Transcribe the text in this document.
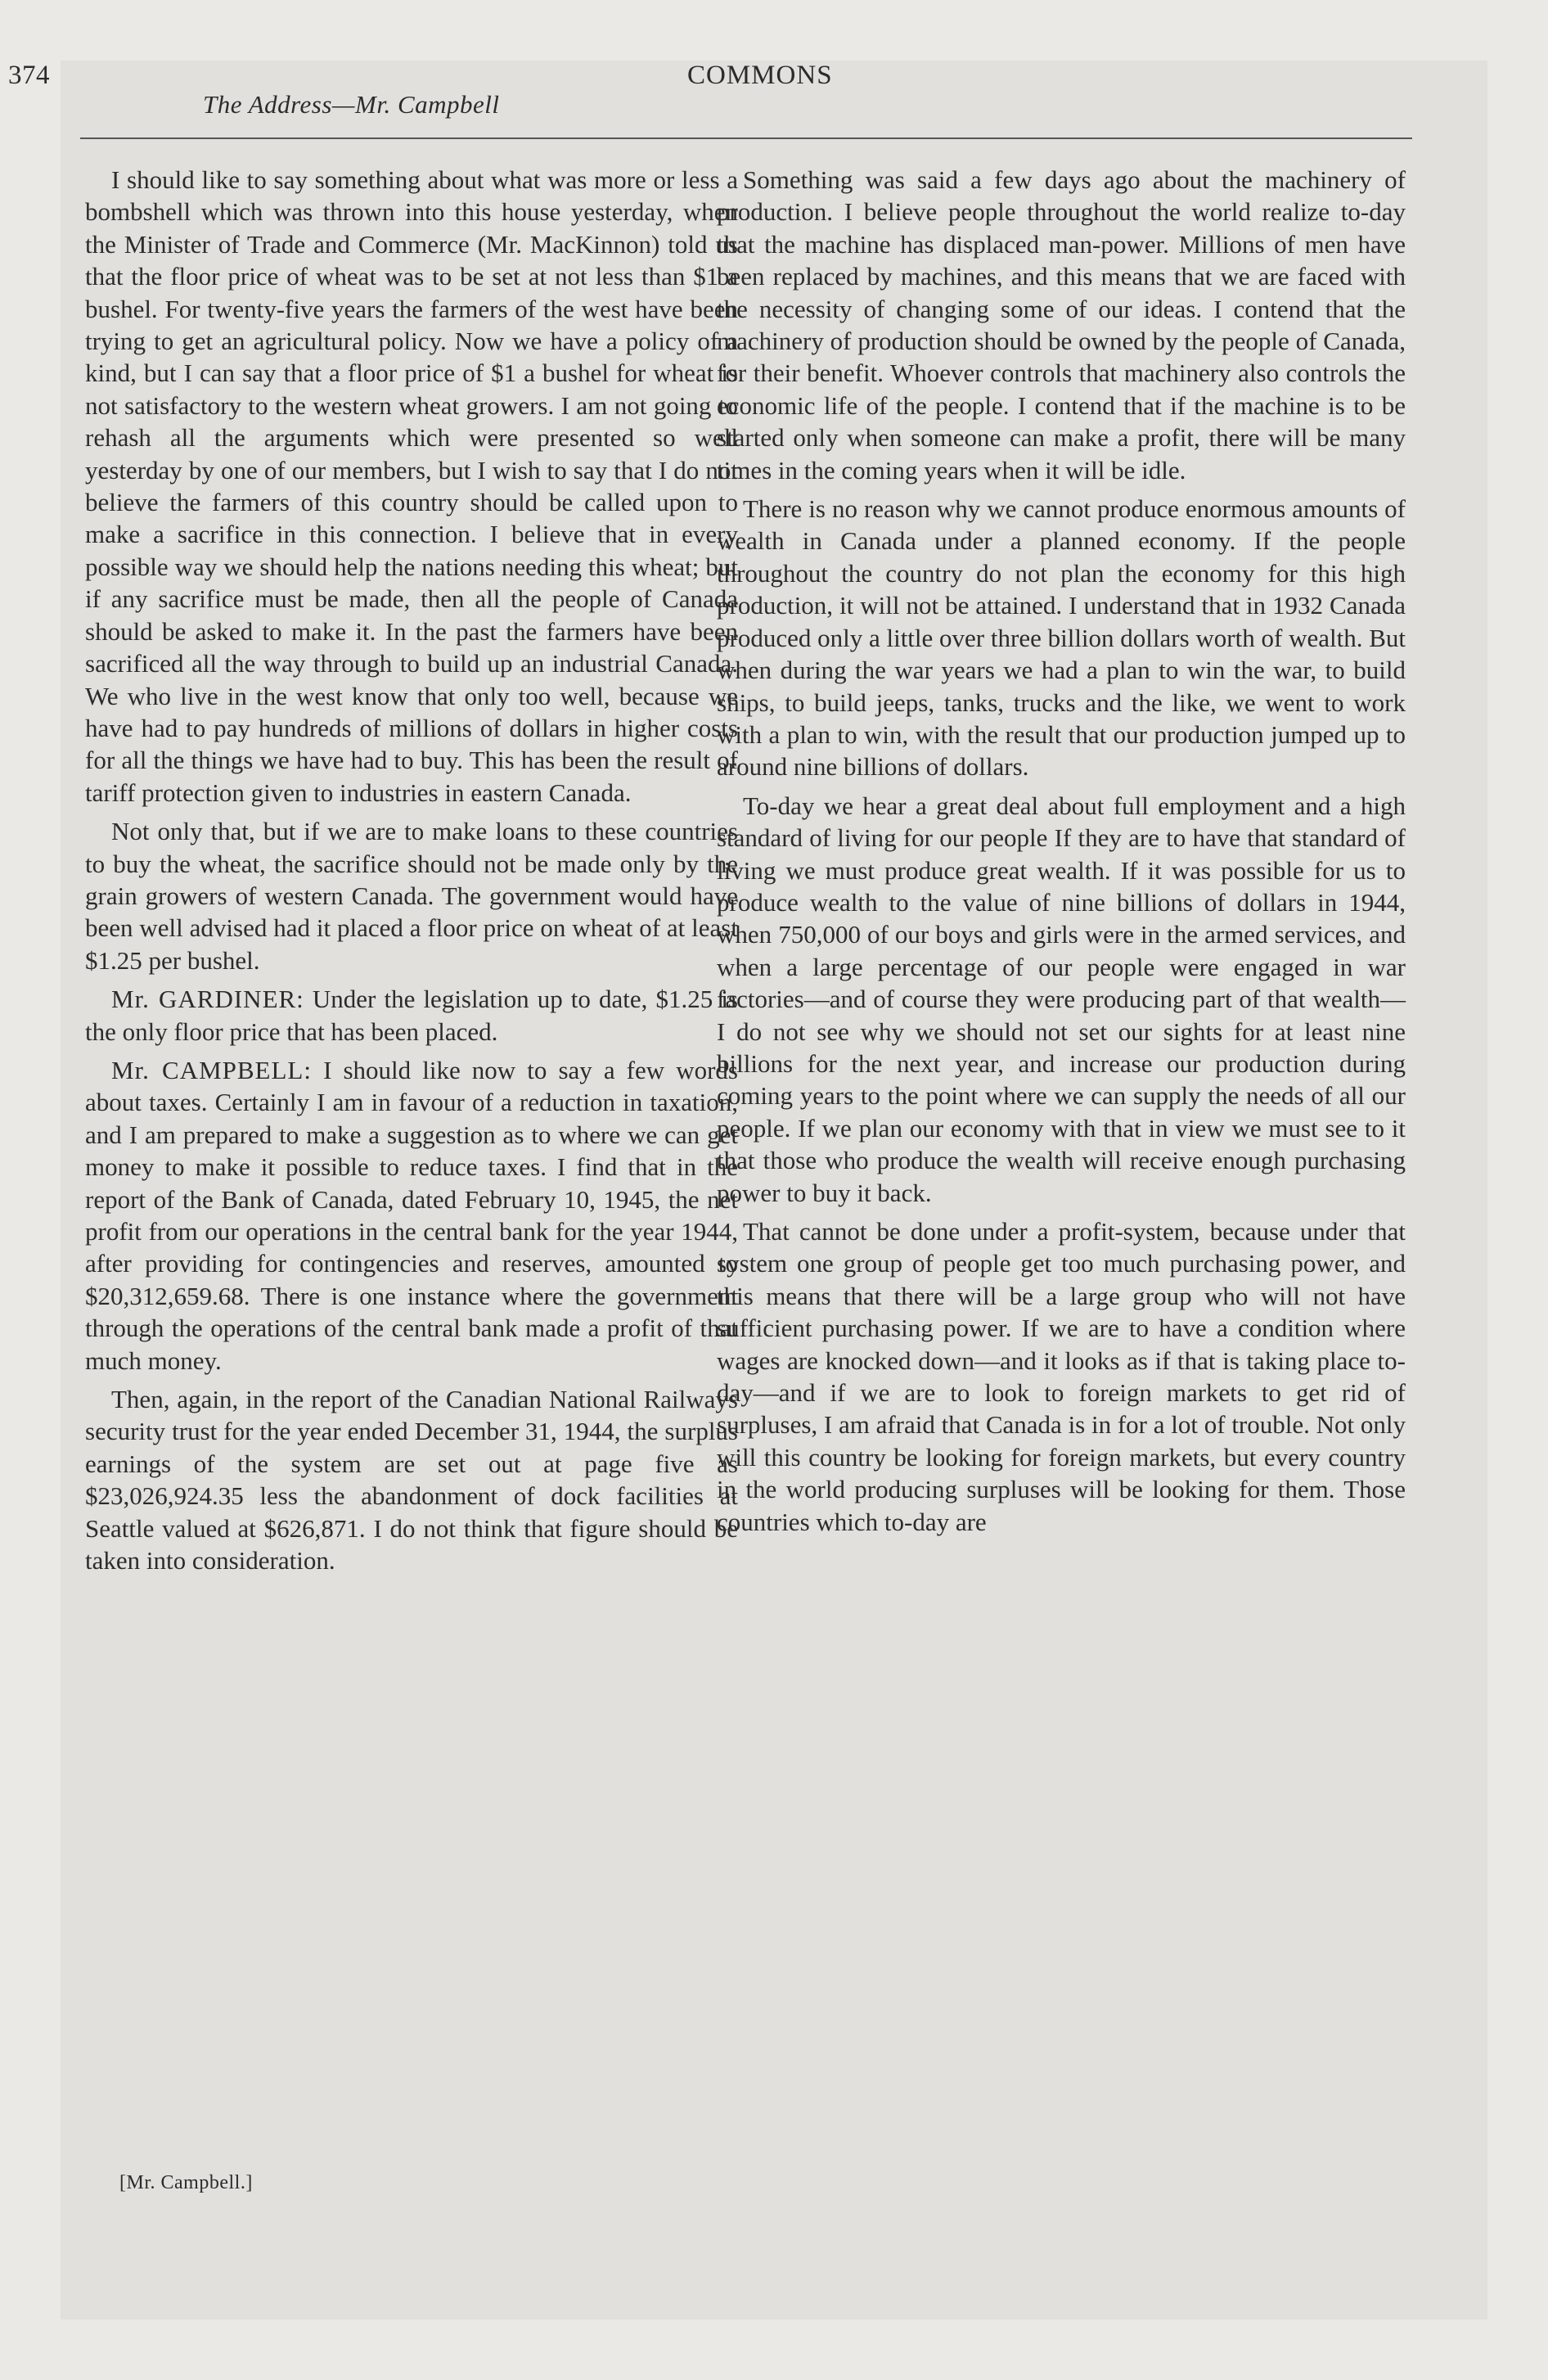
374
The Address—Mr. Campbell
COMMONS

I should like to say something about what was more or less a bombshell which was thrown into this house yesterday, when the Minister of Trade and Commerce (Mr. MacKinnon) told us that the floor price of wheat was to be set at not less than $1 a bushel. For twenty-five years the farmers of the west have been trying to get an agricultural policy. Now we have a policy of a kind, but I can say that a floor price of $1 a bushel for wheat is not satisfactory to the western wheat growers. I am not going to rehash all the arguments which were presented so well yesterday by one of our members, but I wish to say that I do not believe the farmers of this country should be called upon to make a sacrifice in this connection. I believe that in every possible way we should help the nations needing this wheat; but if any sacrifice must be made, then all the people of Canada should be asked to make it. In the past the farmers have been sacrificed all the way through to build up an industrial Canada. We who live in the west know that only too well, because we have had to pay hundreds of millions of dollars in higher costs for all the things we have had to buy. This has been the result of tariff protection given to industries in eastern Canada.

Not only that, but if we are to make loans to these countries to buy the wheat, the sacrifice should not be made only by the grain growers of western Canada. The government would have been well advised had it placed a floor price on wheat of at least $1.25 per bushel.

Mr. GARDINER: Under the legislation up to date, $1.25 is the only floor price that has been placed.

Mr. CAMPBELL: I should like now to say a few words about taxes. Certainly I am in favour of a reduction in taxation, and I am prepared to make a suggestion as to where we can get money to make it possible to reduce taxes. I find that in the report of the Bank of Canada, dated February 10, 1945, the net profit from our operations in the central bank for the year 1944, after providing for contingencies and reserves, amounted to $20,312,659.68. There is one instance where the government through the operations of the central bank made a profit of that much money.

Then, again, in the report of the Canadian National Railways security trust for the year ended December 31, 1944, the surplus earnings of the system are set out at page five as $23,026,924.35 less the abandonment of dock facilities at Seattle valued at $626,871. I do not think that figure should be taken into consideration.

Something was said a few days ago about the machinery of production. I believe people throughout the world realize to-day that the machine has displaced man-power. Millions of men have been replaced by machines, and this means that we are faced with the necessity of changing some of our ideas. I contend that the machinery of production should be owned by the people of Canada, for their benefit. Whoever controls that machinery also controls the economic life of the people. I contend that if the machine is to be started only when someone can make a profit, there will be many times in the coming years when it will be idle.

There is no reason why we cannot produce enormous amounts of wealth in Canada under a planned economy. If the people throughout the country do not plan the economy for this high production, it will not be attained. I understand that in 1932 Canada produced only a little over three billion dollars worth of wealth. But when during the war years we had a plan to win the war, to build ships, to build jeeps, tanks, trucks and the like, we went to work with a plan to win, with the result that our production jumped up to around nine billions of dollars.

To-day we hear a great deal about full employment and a high standard of living for our people If they are to have that standard of living we must produce great wealth. If it was possible for us to produce wealth to the value of nine billions of dollars in 1944, when 750,000 of our boys and girls were in the armed services, and when a large percentage of our people were engaged in war factories—and of course they were producing part of that wealth—I do not see why we should not set our sights for at least nine billions for the next year, and increase our production during coming years to the point where we can supply the needs of all our people. If we plan our economy with that in view we must see to it that those who produce the wealth will receive enough purchasing power to buy it back.

That cannot be done under a profit-system, because under that system one group of people get too much purchasing power, and this means that there will be a large group who will not have sufficient purchasing power. If we are to have a condition where wages are knocked down—and it looks as if that is taking place to-day—and if we are to look to foreign markets to get rid of surpluses, I am afraid that Canada is in for a lot of trouble. Not only will this country be looking for foreign markets, but every country in the world producing surpluses will be looking for them. Those countries which to-day are

[Mr. Campbell.]
